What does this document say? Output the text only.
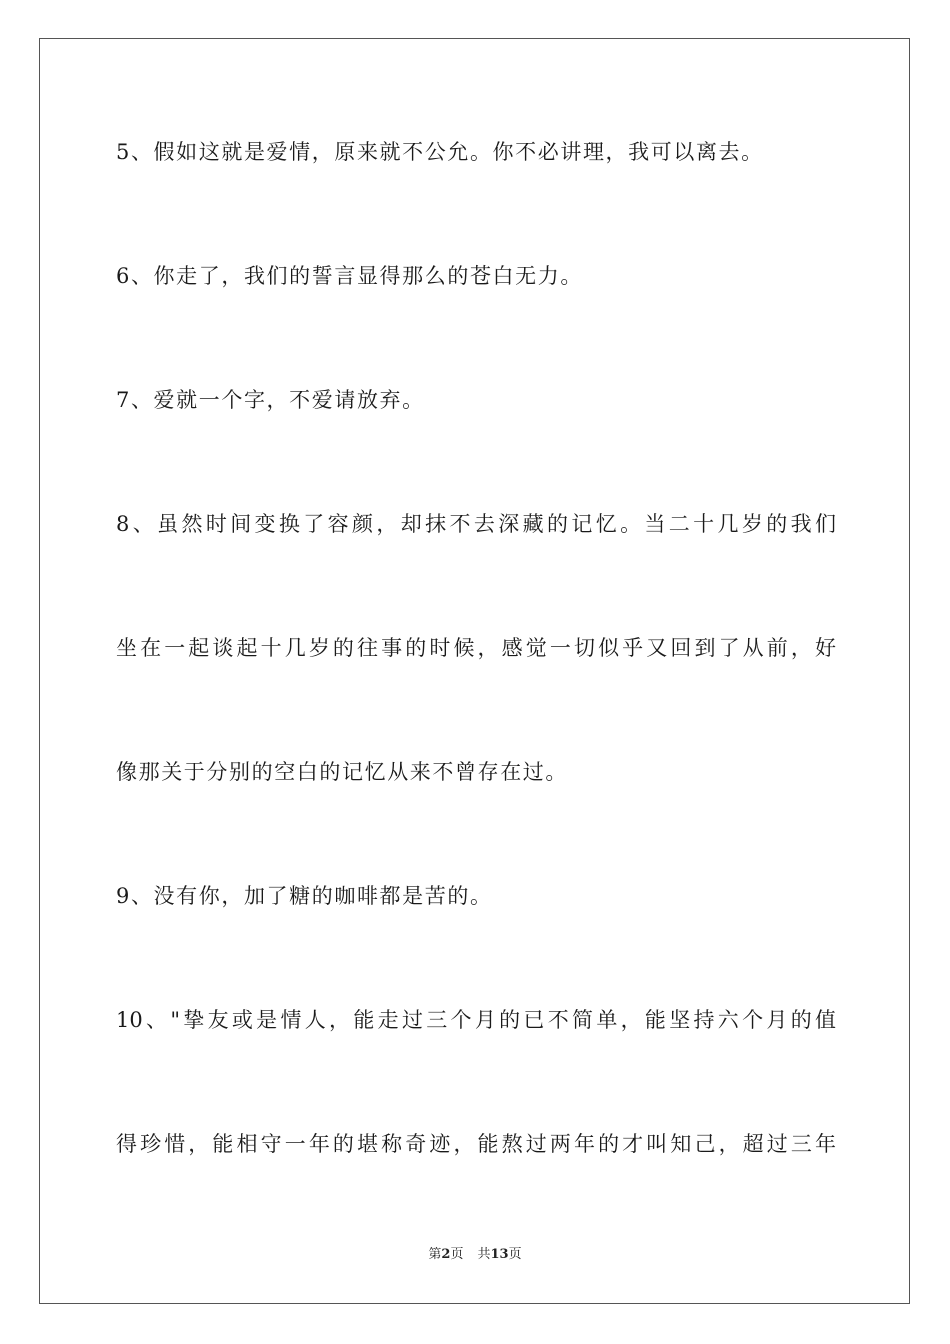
5、假如这就是爱情，原来就不公允。你不必讲理，我可以离去。
6、你走了，我们的誓言显得那么的苍白无力。
7、爱就一个字，不爱请放弃。
8、虽然时间变换了容颜，却抹不去深藏的记忆。当二十几岁的我们
坐在一起谈起十几岁的往事的时候，感觉一切似乎又回到了从前，好
像那关于分别的空白的记忆从来不曾存在过。
9、没有你，加了糖的咖啡都是苦的。
10、"挚友或是情人，能走过三个月的已不简单，能坚持六个月的值
得珍惜，能相守一年的堪称奇迹，能熬过两年的才叫知己，超过三年
第2页 共13页
